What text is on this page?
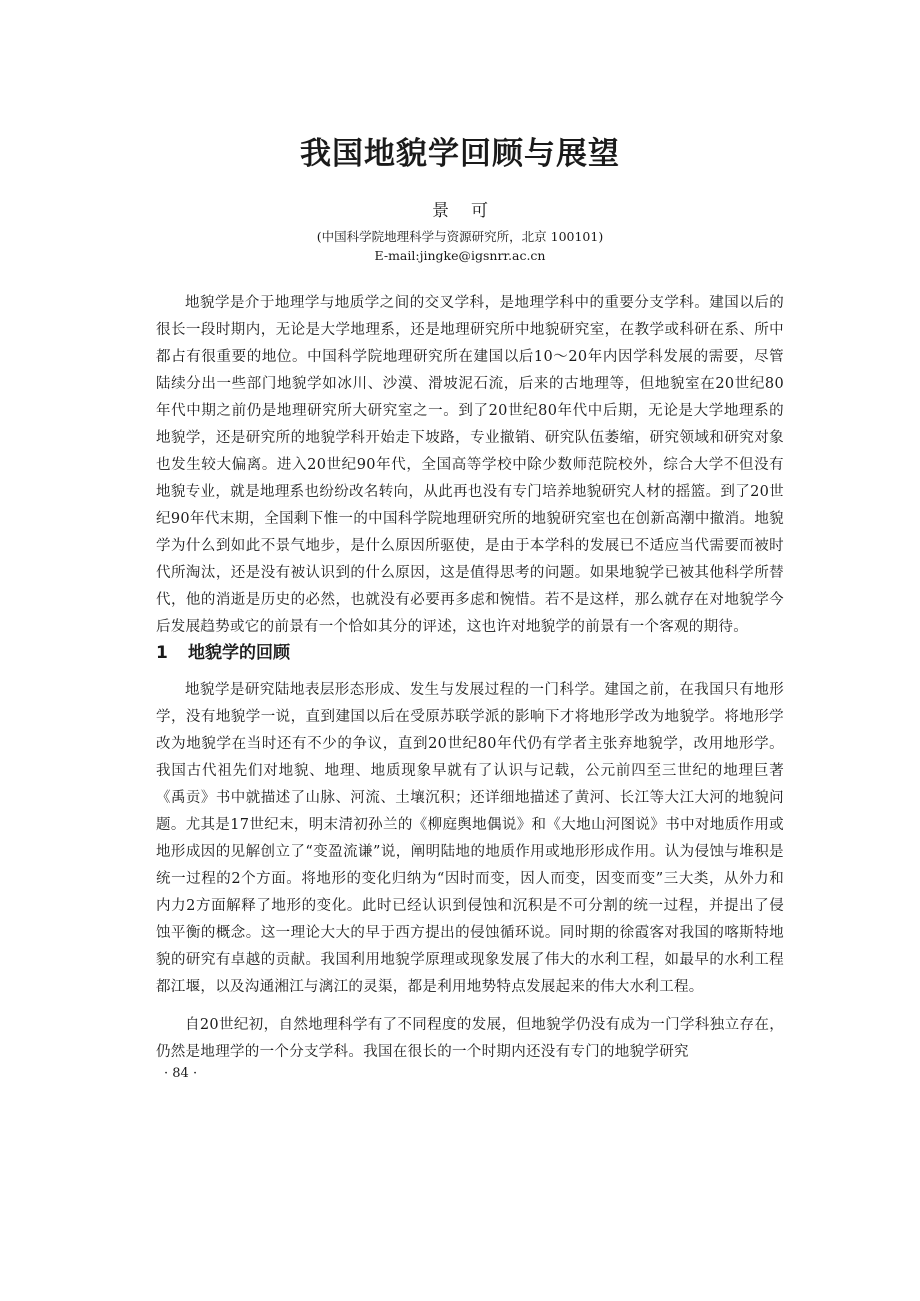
我国地貌学回顾与展望

景可

(中国科学院地理科学与资源研究所，北京 100101)

E-mail:jingke@igsnrr.ac.cn

地貌学是介于地理学与地质学之间的交叉学科，是地理学科中的重要分支学科。建国以后的很长一段时期内，无论是大学地理系，还是地理研究所中地貌研究室，在教学或科研在系、所中都占有很重要的地位。中国科学院地理研究所在建国以后10～20年内因学科发展的需要，尽管陆续分出一些部门地貌学如冰川、沙漠、滑坡泥石流，后来的古地理等，但地貌室在20世纪80年代中期之前仍是地理研究所大研究室之一。到了20世纪80年代中后期，无论是大学地理系的地貌学，还是研究所的地貌学科开始走下坡路，专业撤销、研究队伍萎缩，研究领域和研究对象也发生较大偏离。进入20世纪90年代，全国高等学校中除少数师范院校外，综合大学不但没有地貌专业，就是地理系也纷纷改名转向，从此再也没有专门培养地貌研究人材的摇篮。到了20世纪90年代末期，全国剩下惟一的中国科学院地理研究所的地貌研究室也在创新高潮中撤消。地貌学为什么到如此不景气地步，是什么原因所驱使，是由于本学科的发展已不适应当代需要而被时代所淘汰，还是没有被认识到的什么原因，这是值得思考的问题。如果地貌学已被其他科学所替代，他的消逝是历史的必然，也就没有必要再多虑和惋惜。若不是这样，那么就存在对地貌学今后发展趋势或它的前景有一个恰如其分的评述，这也许对地貌学的前景有一个客观的期待。

1 地貌学的回顾

地貌学是研究陆地表层形态形成、发生与发展过程的一门科学。建国之前，在我国只有地形学，没有地貌学一说，直到建国以后在受原苏联学派的影响下才将地形学改为地貌学。将地形学改为地貌学在当时还有不少的争议，直到20世纪80年代仍有学者主张弃地貌学，改用地形学。我国古代祖先们对地貌、地理、地质现象早就有了认识与记载，公元前四至三世纪的地理巨著《禹贡》书中就描述了山脉、河流、土壤沉积；还详细地描述了黄河、长江等大江大河的地貌问题。尤其是17世纪末，明末清初孙兰的《柳庭舆地偶说》和《大地山河图说》书中对地质作用或地形成因的见解创立了“变盈流谦”说，阐明陆地的地质作用或地形形成作用。认为侵蚀与堆积是统一过程的2个方面。将地形的变化归纳为“因时而变，因人而变，因变而变”三大类，从外力和内力2方面解释了地形的变化。此时已经认识到侵蚀和沉积是不可分割的统一过程，并提出了侵蚀平衡的概念。这一理论大大的早于西方提出的侵蚀循环说。同时期的徐霞客对我国的喀斯特地貌的研究有卓越的贡献。我国利用地貌学原理或现象发展了伟大的水利工程，如最早的水利工程都江堰，以及沟通湘江与漓江的灵渠，都是利用地势特点发展起来的伟大水利工程。

自20世纪初，自然地理科学有了不同程度的发展，但地貌学仍没有成为一门学科独立存在，仍然是地理学的一个分支学科。我国在很长的一个时期内还没有专门的地貌学研究

· 84 ·
